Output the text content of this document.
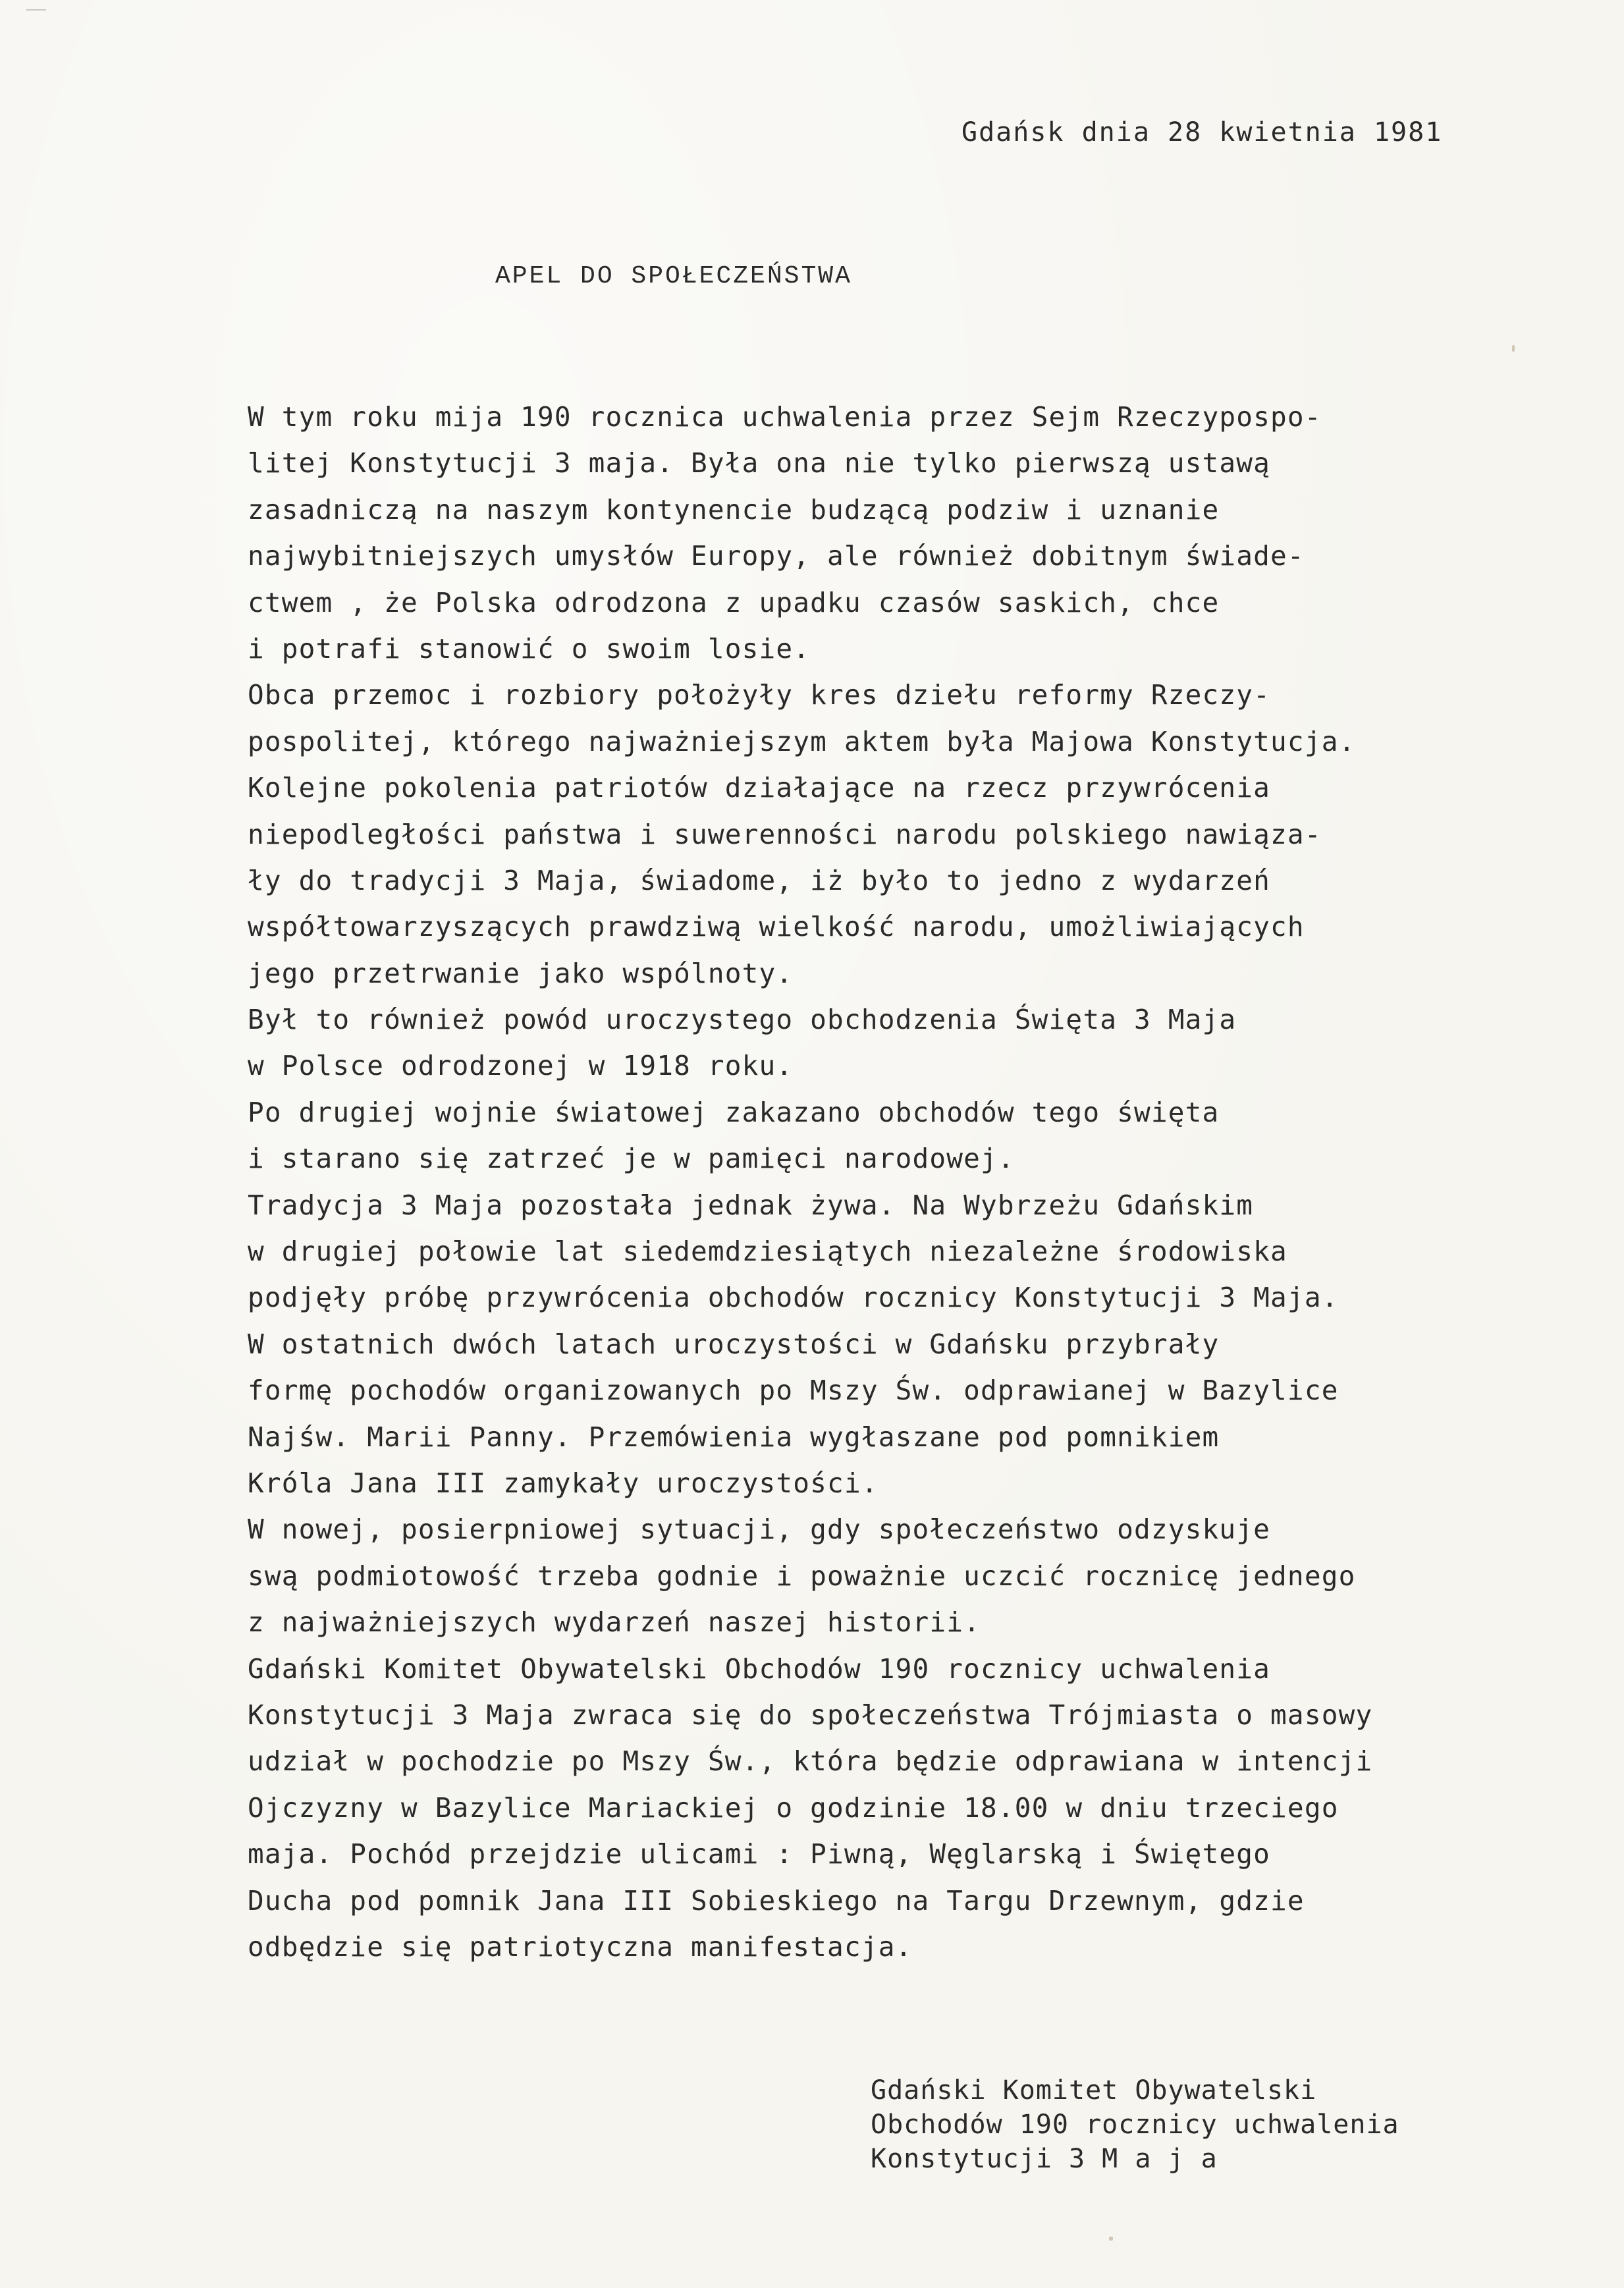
Gdańsk dnia 28 kwietnia 1981
APEL DO SPOŁECZEŃSTWA
W tym roku mija 190 rocznica uchwalenia przez Sejm Rzeczypospo-
litej Konstytucji 3 maja. Była ona nie tylko pierwszą ustawą
zasadniczą na naszym kontynencie budzącą podziw i uznanie
najwybitniejszych umysłów Europy, ale również dobitnym świade-
ctwem , że Polska odrodzona z upadku czasów saskich, chce
i potrafi stanowić o swoim losie.
Obca przemoc i rozbiory położyły kres dziełu reformy Rzeczy-
pospolitej, którego najważniejszym aktem była Majowa Konstytucja.
Kolejne pokolenia patriotów działające na rzecz przywrócenia
niepodległości państwa i suwerenności narodu polskiego nawiąza-
ły do tradycji 3 Maja, świadome, iż było to jedno z wydarzeń
współtowarzyszących prawdziwą wielkość narodu, umożliwiających
jego przetrwanie jako wspólnoty.
Był to również powód uroczystego obchodzenia Święta 3 Maja
w Polsce odrodzonej w 1918 roku.
Po drugiej wojnie światowej zakazano obchodów tego święta
i starano się zatrzeć je w pamięci narodowej.
Tradycja 3 Maja pozostała jednak żywa. Na Wybrzeżu Gdańskim
w drugiej połowie lat siedemdziesiątych niezależne środowiska
podjęły próbę przywrócenia obchodów rocznicy Konstytucji 3 Maja.
W ostatnich dwóch latach uroczystości w Gdańsku przybrały
formę pochodów organizowanych po Mszy Św. odprawianej w Bazylice
Najśw. Marii Panny. Przemówienia wygłaszane pod pomnikiem
Króla Jana III zamykały uroczystości.
W nowej, posierpniowej sytuacji, gdy społeczeństwo odzyskuje
swą podmiotowość trzeba godnie i poważnie uczcić rocznicę jednego
z najważniejszych wydarzeń naszej historii.
Gdański Komitet Obywatelski Obchodów 190 rocznicy uchwalenia
Konstytucji 3 Maja zwraca się do społeczeństwa Trójmiasta o masowy
udział w pochodzie po Mszy Św., która będzie odprawiana w intencji
Ojczyzny w Bazylice Mariackiej o godzinie 18.00 w dniu trzeciego
maja. Pochód przejdzie ulicami : Piwną, Węglarską i Świętego
Ducha pod pomnik Jana III Sobieskiego na Targu Drzewnym, gdzie
odbędzie się patriotyczna manifestacja.
Gdański Komitet Obywatelski
Obchodów 190 rocznicy uchwalenia
Konstytucji 3 M a j a
